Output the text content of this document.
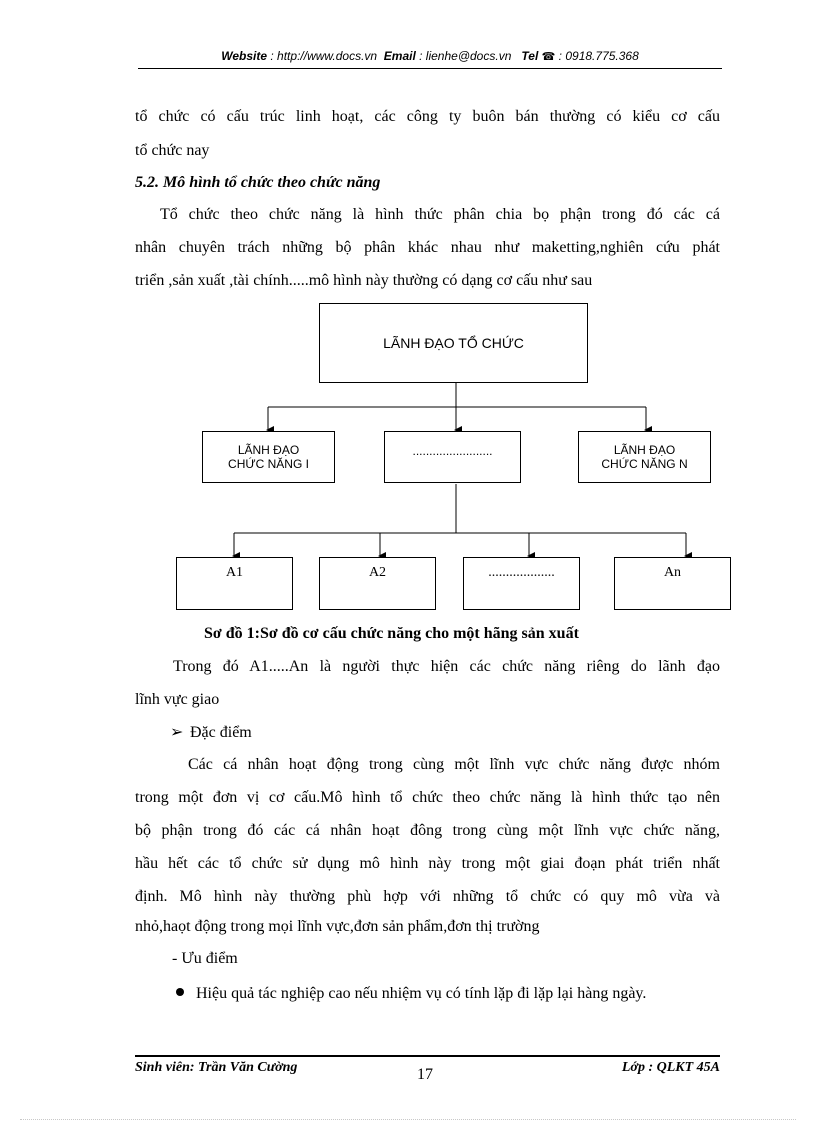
Website : http://www.docs.vn Email : lienhe@docs.vn Tel ☎ : 0918.775.368
tổ chức có cấu trúc linh hoạt, các công ty buôn bán thường có kiểu cơ cấu
tổ chức nay
5.2. Mô hình tổ chức theo chức năng
Tổ chức theo chức năng là hình thức phân chia bọ phận trong đó các cá
nhân chuyên trách những bộ phân khác nhau như maketting,nghiên cứu phát
triển ,sản xuất ,tài chính.....mô hình này thường có dạng cơ cấu như sau
LÃNH ĐẠO TỔ CHỨC
LÃNH ĐẠO
CHỨC NĂNG I
........................	LÃNH ĐẠO
CHỨC NĂNG N
A1	A2	...................	An
Sơ đồ 1:Sơ đồ cơ cấu chức năng cho một hãng sản xuất
Trong đó A1.....An là người thực hiện các chức năng riêng do lãnh đạo
lĩnh vực giao
➢ Đặc điểm
Các cá nhân hoạt động trong cùng một lĩnh vực chức năng được nhóm
trong một đơn vị cơ cấu.Mô hình tổ chức theo chức năng là hình thức tạo nên
bộ phận trong đó các cá nhân hoạt đông trong cùng một lĩnh vực chức năng,
hầu hết các tổ chức sử dụng mô hình này trong một giai đoạn phát triển nhất
định. Mô hình này thường phù hợp với những tổ chức có quy mô vừa và
nhỏ,haọt động trong mọi lĩnh vực,đơn sản phẩm,đơn thị trường
- Ưu điểm
Hiệu quả tác nghiệp cao nếu nhiệm vụ có tính lặp đi lặp lại hàng ngày.
Sinh viên: Trần Văn Cường	17	Lớp : QLKT 45A
